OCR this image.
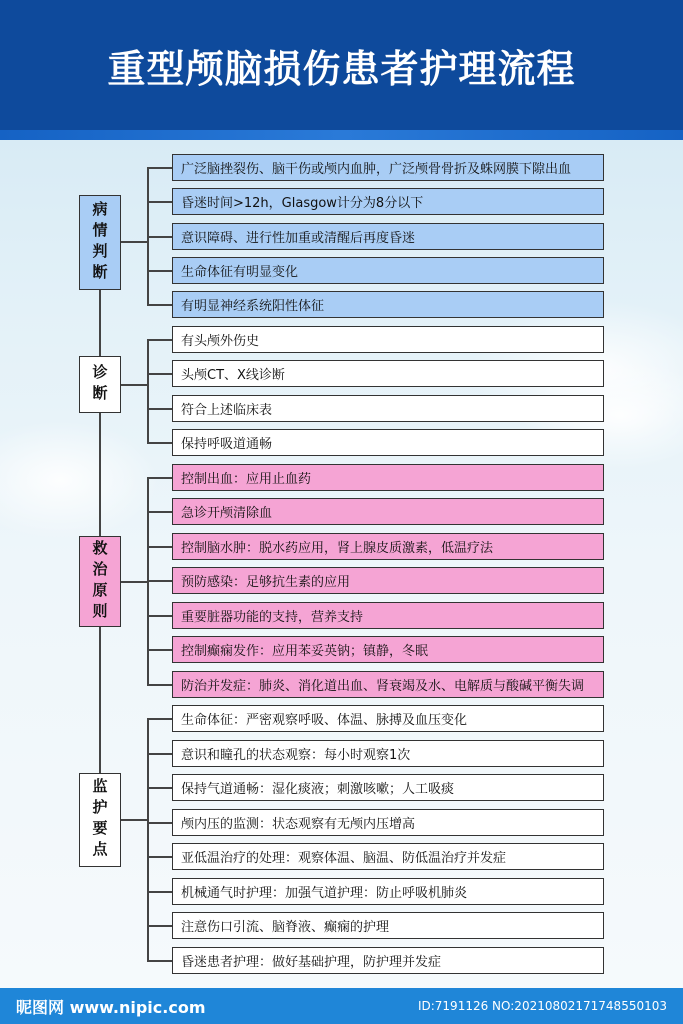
重型颅脑损伤患者护理流程
病情判断
广泛脑挫裂伤、脑干伤或颅内血肿，广泛颅骨骨折及蛛网膜下隙出血
昏迷时间>12h，Glasgow计分为8分以下
意识障碍、进行性加重或清醒后再度昏迷
生命体征有明显变化
有明显神经系统阳性体征
诊断
有头颅外伤史
头颅CT、X线诊断
符合上述临床表
保持呼吸道通畅
救治原则
控制出血：应用止血药
急诊开颅清除血
控制脑水肿：脱水药应用，肾上腺皮质激素，低温疗法
预防感染：足够抗生素的应用
重要脏器功能的支持，营养支持
控制癫痫发作：应用苯妥英钠；镇静，冬眠
防治并发症：肺炎、消化道出血、肾衰竭及水、电解质与酸碱平衡失调
监护要点
生命体征：严密观察呼吸、体温、脉搏及血压变化
意识和瞳孔的状态观察：每小时观察1次
保持气道通畅：湿化痰液；刺激咳嗽；人工吸痰
颅内压的监测：状态观察有无颅内压增高
亚低温治疗的处理：观察体温、脑温、防低温治疗并发症
机械通气时护理：加强气道护理：防止呼吸机肺炎
注意伤口引流、脑脊液、癫痫的护理
昏迷患者护理：做好基础护理，防护理并发症
昵图网 www.nipic.com	ID:7191126 NO:20210802171748550103
